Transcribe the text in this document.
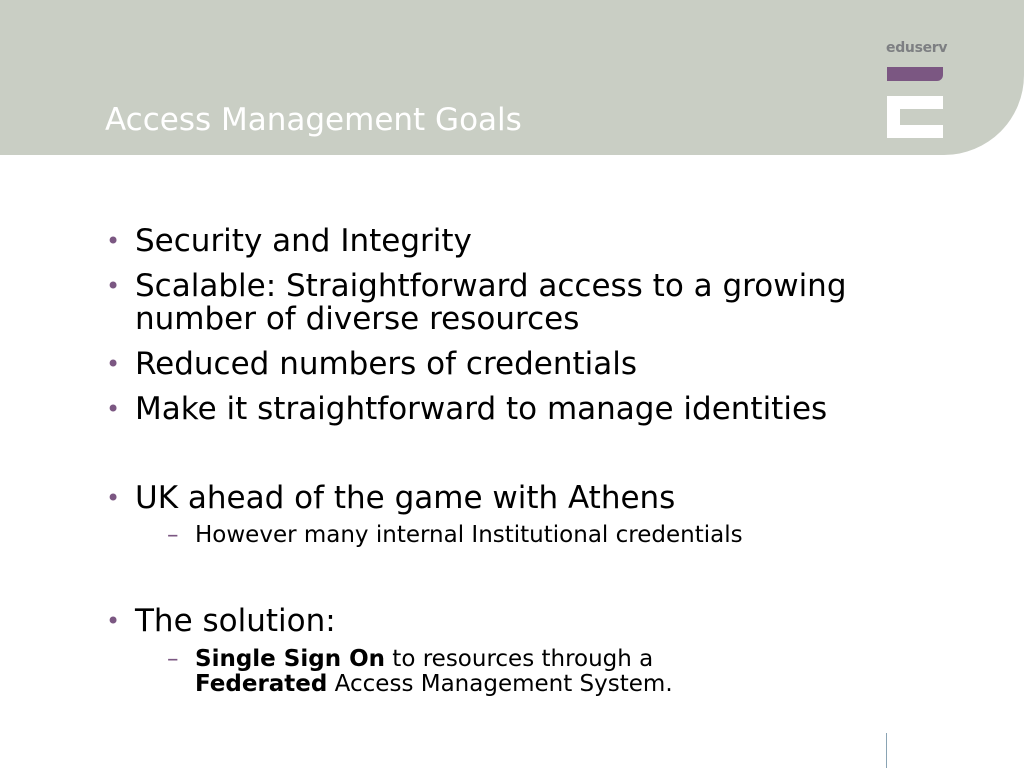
Access Management Goals
eduserv
• Security and Integrity
• Scalable: Straightforward access to a growing number of diverse resources
• Reduced numbers of credentials
• Make it straightforward to manage identities
• UK ahead of the game with Athens
– However many internal Institutional credentials
• The solution:
– Single Sign On to resources through a
Federated Access Management System.
